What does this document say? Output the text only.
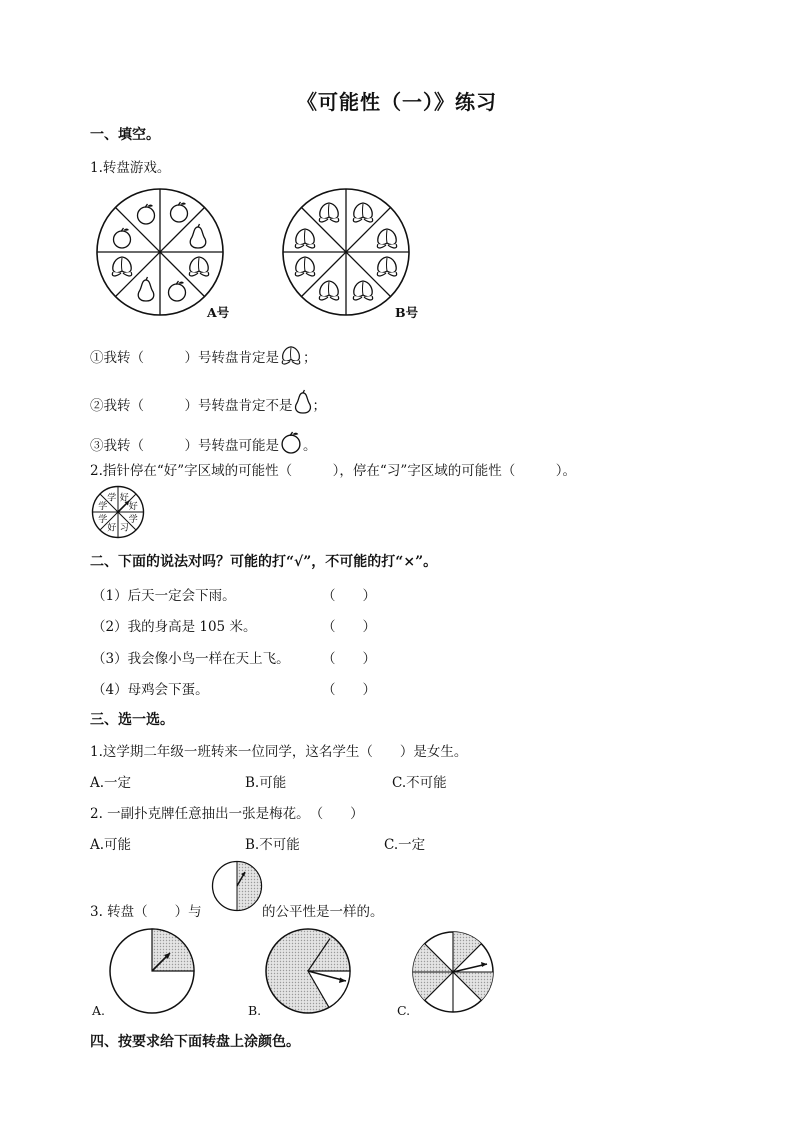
《可能性（一）》练习
一、填空。
1.转盘游戏。
A号	B号
①我转（　　　）号转盘肯定是 ；
②我转（　　　）号转盘肯定不是 ；
③我转（　　　）号转盘可能是 。
2.指针停在“好”字区域的可能性（　　　），停在“习”字区域的可能性（　　　）。
学 好
好
学
习
好
学
学
二、下面的说法对吗？可能的打“√”，不可能的打“×”。
（1）后天一定会下雨。	（　　）
（2）我的身高是 105 米。	（　　）
（3）我会像小鸟一样在天上飞。 （　　）
（4）母鸡会下蛋。	（　　）
三、选一选。
1.这学期二年级一班转来一位同学，这名学生（　　）是女生。
A.一定	B.可能	C.不可能
2. 一副扑克牌任意抽出一张是梅花。　（　　）
A.可能	B.不可能	C.一定
3. 转盘（　　）与	的公平性是一样的。
A.	B.	C.
四、按要求给下面转盘上涂颜色。
